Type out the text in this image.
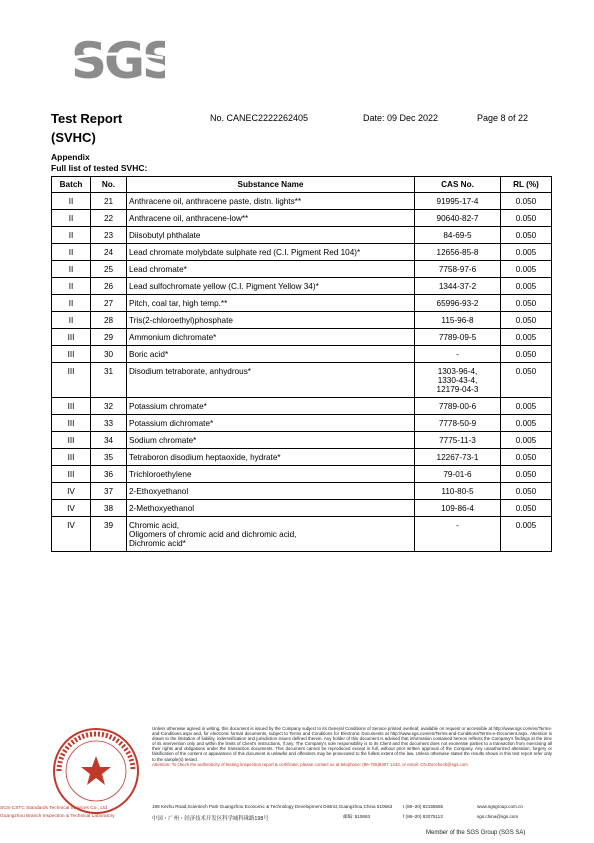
SGS
Test Report
(SVHC)
No. CANEC2222262405	Date: 09 Dec 2022	Page 8 of 22
Appendix
Full list of tested SVHC:
Batch	No.	Substance Name	CAS No.	RL (%)
II	21	Anthracene oil, anthracene paste, distn. lights**	91995-17-4	0.050
II	22	Anthracene oil, anthracene-low**	90640-82-7	0.050
II	23	Diisobutyl phthalate	84-69-5	0.050
II	24	Lead chromate molybdate sulphate red (C.I. Pigment Red 104)*	12656-85-8	0.005
II	25	Lead chromate*	7758-97-6	0.005
II	26	Lead sulfochromate yellow (C.I. Pigment Yellow 34)*	1344-37-2	0.005
II	27	Pitch, coal tar, high temp.**	65996-93-2	0.050
II	28	Tris(2-chloroethyl)phosphate	115-96-8	0.050
III	29	Ammonium dichromate*	7789-09-5	0.005
III	30	Boric acid*	-	0.050
III	31	Disodium tetraborate, anhydrous*	1303-96-4,
1330-43-4,
12179-04-3	0.050
III	32	Potassium chromate*	7789-00-6	0.005
III	33	Potassium dichromate*	7778-50-9	0.005
III	34	Sodium chromate*	7775-11-3	0.005
III	35	Tetraboron disodium heptaoxide, hydrate*	12267-73-1	0.050
III	36	Trichloroethylene	79-01-6	0.050
IV	37	2-Ethoxyethanol	110-80-5	0.050
IV	38	2-Methoxyethanol	109-86-4	0.050
IV	39	Chromic acid,
Oligomers of chromic acid and dichromic acid,
Dichromic acid*	-	0.005
Unless otherwise agreed in writing, this document is issued by the Company subject to its General Conditions of Service printed overleaf, available on request or accessible at http://www.sgs.com/en/Terms-and-Conditions.aspx and, for electronic format documents, subject to Terms and Conditions for Electronic Documents at http://www.sgs.com/en/Terms-and-Conditions/Terms-e-Document.aspx. Attention is drawn to the limitation of liability, indemnification and jurisdiction issues defined therein. Any holder of this document is advised that information contained hereon reflects the Company's findings at the time of its intervention only and within the limits of Client's instructions, if any. The Company's sole responsibility is to its Client and this document does not exonerate parties to a transaction from exercising all their rights and obligations under the transaction documents. This document cannot be reproduced except in full, without prior written approval of the Company. Any unauthorized alteration, forgery or falsification of the content or appearance of this document is unlawful and offenders may be prosecuted to the fullest extent of the law. Unless otherwise stated the results shown in this test report refer only to the sample(s) tested .
Attention: To check the authenticity of testing /inspection report & certificate, please contact us at telephone: (86-755)8307 1443, or email: CN.Doccheck@sgs.com
SGS-CSTC Standards Technical Services Co., Ltd.
Guangzhou Branch Inspection & Technical Laboratory
198 Kezhu Road,Scientech Park Guangzhou Economic & Technology Development District,Guangzhou,China 510663
中国・广州・经济技术开发区科学城科珠路198号	邮编: 510663
t (86–20) 82155555
f (86–20) 82075113
www.sgsgroup.com.cn
sgs.china@sgs.com
Member of the SGS Group (SGS SA)
